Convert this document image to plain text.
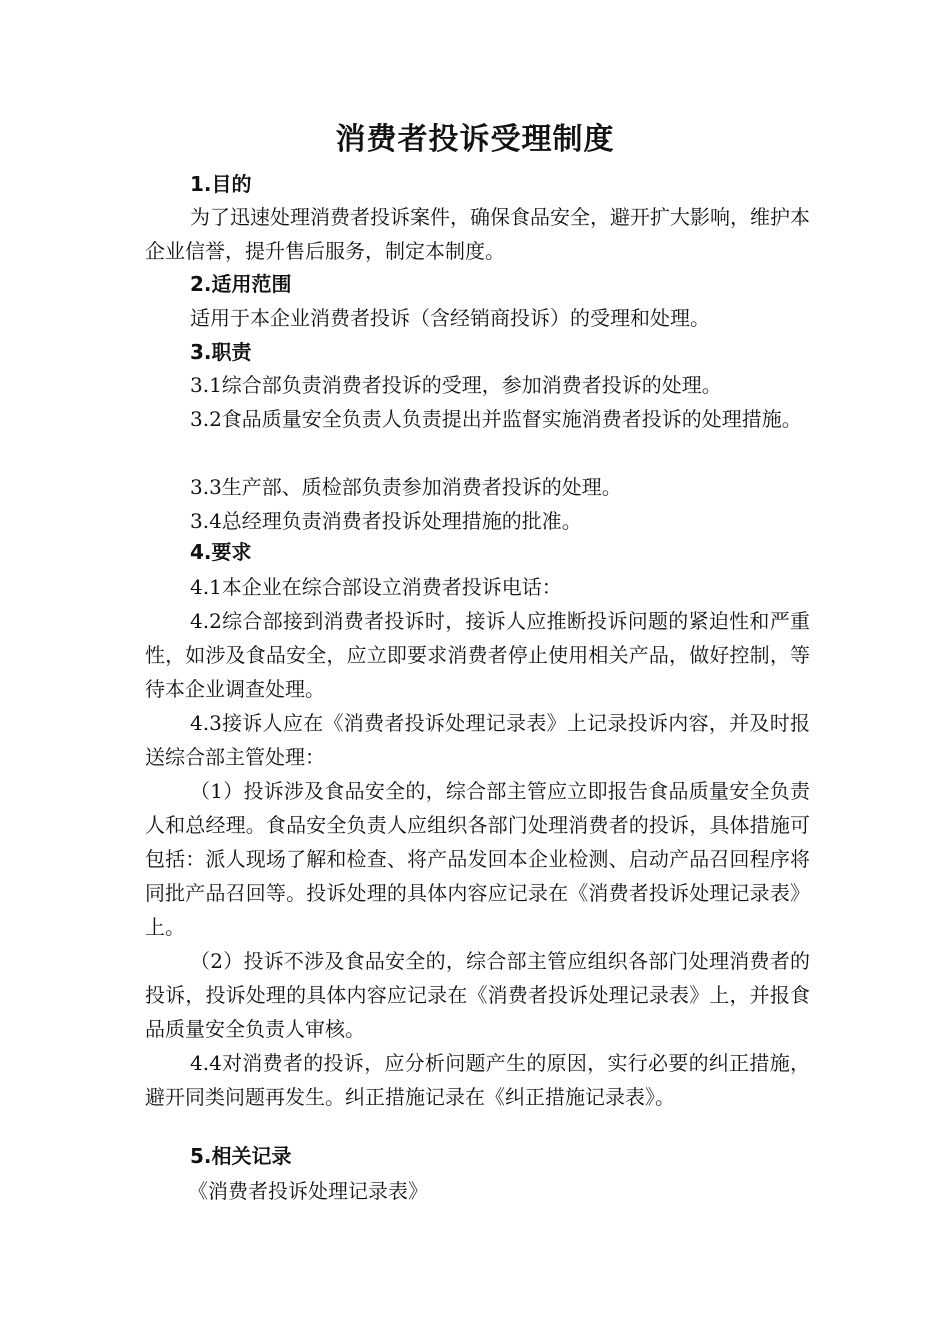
消费者投诉受理制度
1.目的
为了迅速处理消费者投诉案件，确保食品安全，避开扩大影响，维护本企业信誉，提升售后服务，制定本制度。
2.适用范围
适用于本企业消费者投诉（含经销商投诉）的受理和处理。
3.职责
3.1综合部负责消费者投诉的受理，参加消费者投诉的处理。
3.2食品质量安全负责人负责提出并监督实施消费者投诉的处理措施。
3.3生产部、质检部负责参加消费者投诉的处理。
3.4总经理负责消费者投诉处理措施的批准。
4.要求
4.1本企业在综合部设立消费者投诉电话：
4.2综合部接到消费者投诉时，接诉人应推断投诉问题的紧迫性和严重性，如涉及食品安全，应立即要求消费者停止使用相关产品，做好控制，等待本企业调查处理。
4.3接诉人应在《消费者投诉处理记录表》上记录投诉内容，并及时报送综合部主管处理：
（1）投诉涉及食品安全的，综合部主管应立即报告食品质量安全负责人和总经理。食品安全负责人应组织各部门处理消费者的投诉，具体措施可包括：派人现场了解和检查、将产品发回本企业检测、启动产品召回程序将同批产品召回等。投诉处理的具体内容应记录在《消费者投诉处理记录表》上。
（2）投诉不涉及食品安全的，综合部主管应组织各部门处理消费者的投诉，投诉处理的具体内容应记录在《消费者投诉处理记录表》上，并报食品质量安全负责人审核。
4.4对消费者的投诉，应分析问题产生的原因，实行必要的纠正措施，避开同类问题再发生。纠正措施记录在《纠正措施记录表》。
5.相关记录
《消费者投诉处理记录表》
